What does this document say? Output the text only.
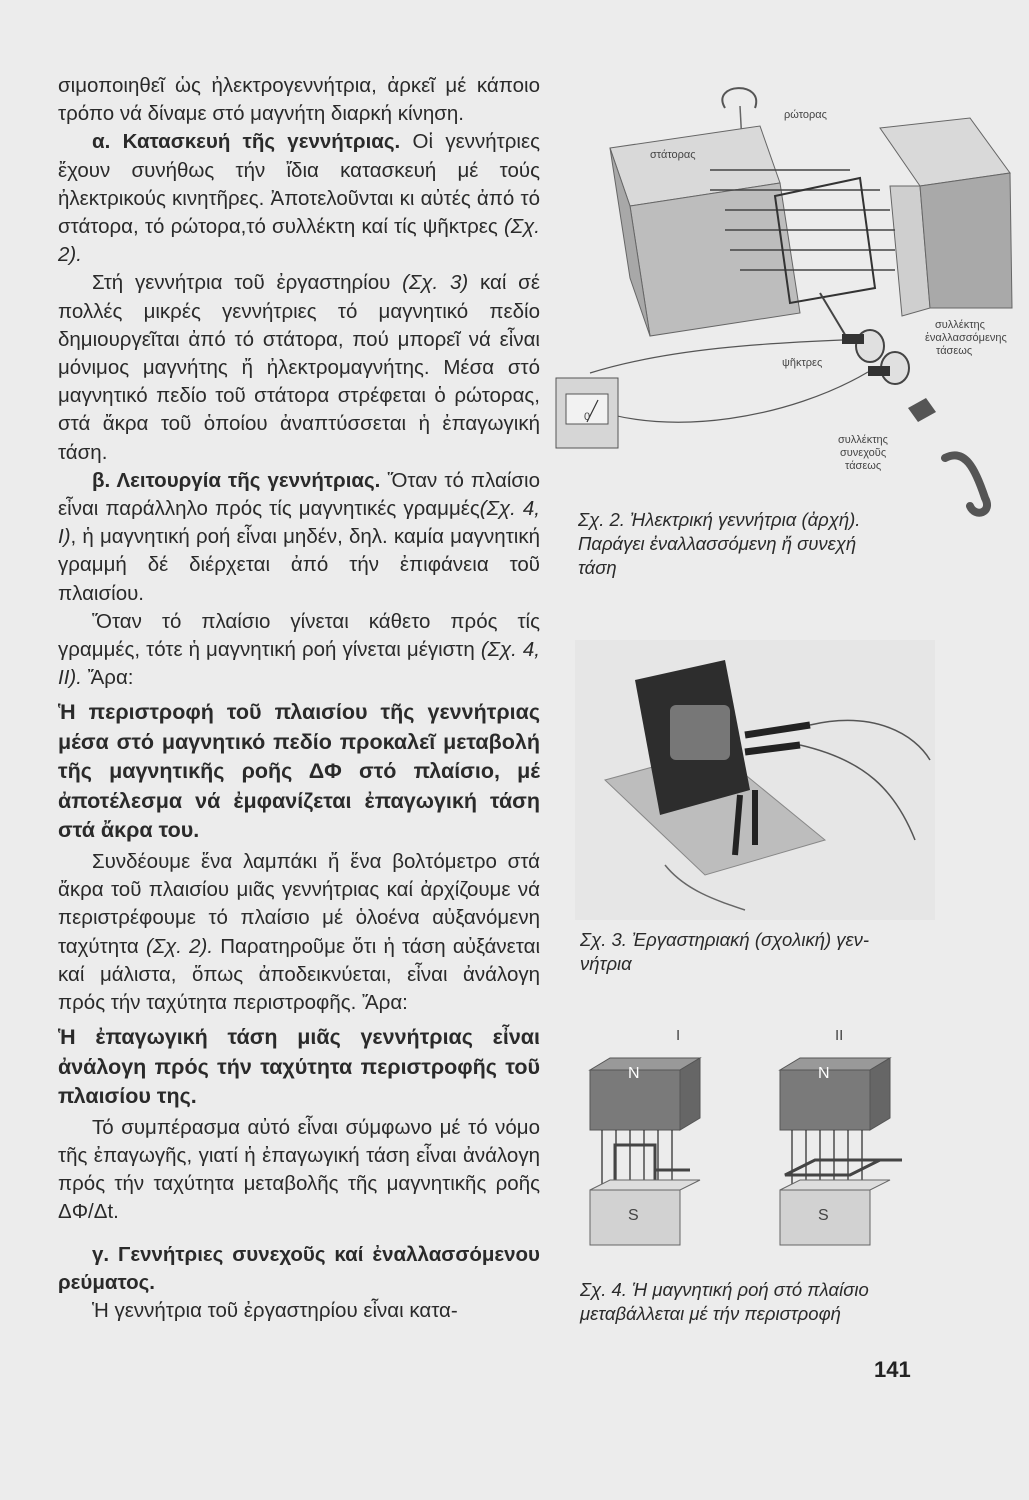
σιμοποιηθεῖ ὡς ἠλεκτρογεννήτρια, ἀρκεῖ μέ κάποιο τρόπο νά δίναμε στό μαγνήτη διαρκή κίνηση.

α. Κατασκευή τῆς γεννήτριας. Οἱ γεννήτριες ἔχουν συνήθως τήν ἴδια κατασκευή μέ τούς ἠλεκτρικούς κινητῆρες. Ἀποτελοῦνται κι αὐτές ἀπό τό στάτορα, τό ρώτορα,τό συλλέκτη καί τίς ψῆκτρες (Σχ. 2).

Στή γεννήτρια τοῦ ἐργαστηρίου (Σχ. 3) καί σέ πολλές μικρές γεννήτριες τό μαγνητικό πεδίο δημιουργεῖται ἀπό τό στάτορα, πού μπορεῖ νά εἶναι μόνιμος μαγνήτης ἤ ἠλεκτρομαγνήτης. Μέσα στό μαγνητικό πεδίο τοῦ στάτορα στρέφεται ὁ ρώτορας, στά ἄκρα τοῦ ὁποίου ἀναπτύσσεται ἡ ἐπαγωγική τάση.

β. Λειτουργία τῆς γεννήτριας. Ὅταν τό πλαίσιο εἶναι παράλληλο πρός τίς μαγνητικές γραμμές(Σχ. 4, I), ἡ μαγνητική ροή εἶναι μηδέν, δηλ. καμία μαγνητική γραμμή δέ διέρχεται ἀπό τήν ἐπιφάνεια τοῦ πλαισίου.

Ὅταν τό πλαίσιο γίνεται κάθετο πρός τίς γραμμές, τότε ἡ μαγνητική ροή γίνεται μέγιστη (Σχ. 4, II). Ἄρα:

Ἡ περιστροφή τοῦ πλαισίου τῆς γεννήτριας μέσα στό μαγνητικό πεδίο προκαλεῖ μεταβολή τῆς μαγνητικῆς ροῆς ΔΦ στό πλαίσιο, μέ ἀποτέλεσμα νά ἐμφανίζεται ἐπαγωγική τάση στά ἄκρα του.

Συνδέουμε ἕνα λαμπάκι ἤ ἕνα βολτόμετρο στά ἄκρα τοῦ πλαισίου μιᾶς γεννήτριας καί ἀρχίζουμε νά περιστρέφουμε τό πλαίσιο μέ ὁλοένα αὐξανόμενη ταχύτητα (Σχ. 2). Παρατηροῦμε ὅτι ἡ τάση αὐξάνεται καί μάλιστα, ὅπως ἀποδεικνύεται, εἶναι ἀνάλογη πρός τήν ταχύτητα περιστροφῆς. Ἄρα:

Ἡ ἐπαγωγική τάση μιᾶς γεννήτριας εἶναι ἀνάλογη πρός τήν ταχύτητα περιστροφῆς τοῦ πλαισίου της.

Τό συμπέρασμα αὐτό εἶναι σύμφωνο μέ τό νόμο τῆς ἐπαγωγῆς, γιατί ἡ ἐπαγωγική τάση εἶναι ἀνάλογη πρός τήν ταχύτητα μεταβολῆς τῆς μαγνητικῆς ροῆς ΔΦ/Δt.

γ. Γεννήτριες συνεχοῦς καί ἐναλλασσόμενου ρεύματος.

Ἡ γεννήτρια τοῦ ἐργαστηρίου εἶναι κατα-

0
ρώτορας
στάτορας
ψῆκτρες
συλλέκτης
ἐναλλασσόμενης
τάσεως
συλλέκτης
συνεχοῦς
τάσεως
Σχ. 2. Ἠλεκτρική γεννήτρια (ἀρχή).
Παράγει ἐναλλασσόμενη ἤ συνεχή
τάση
Σχ. 3. Ἐργαστηριακή (σχολική) γεν-
νήτρια
I	II
N
S
N
S
Σχ. 4. Ἡ μαγνητική ροή στό πλαίσιο
μεταβάλλεται μέ τήν περιστροφή
141
